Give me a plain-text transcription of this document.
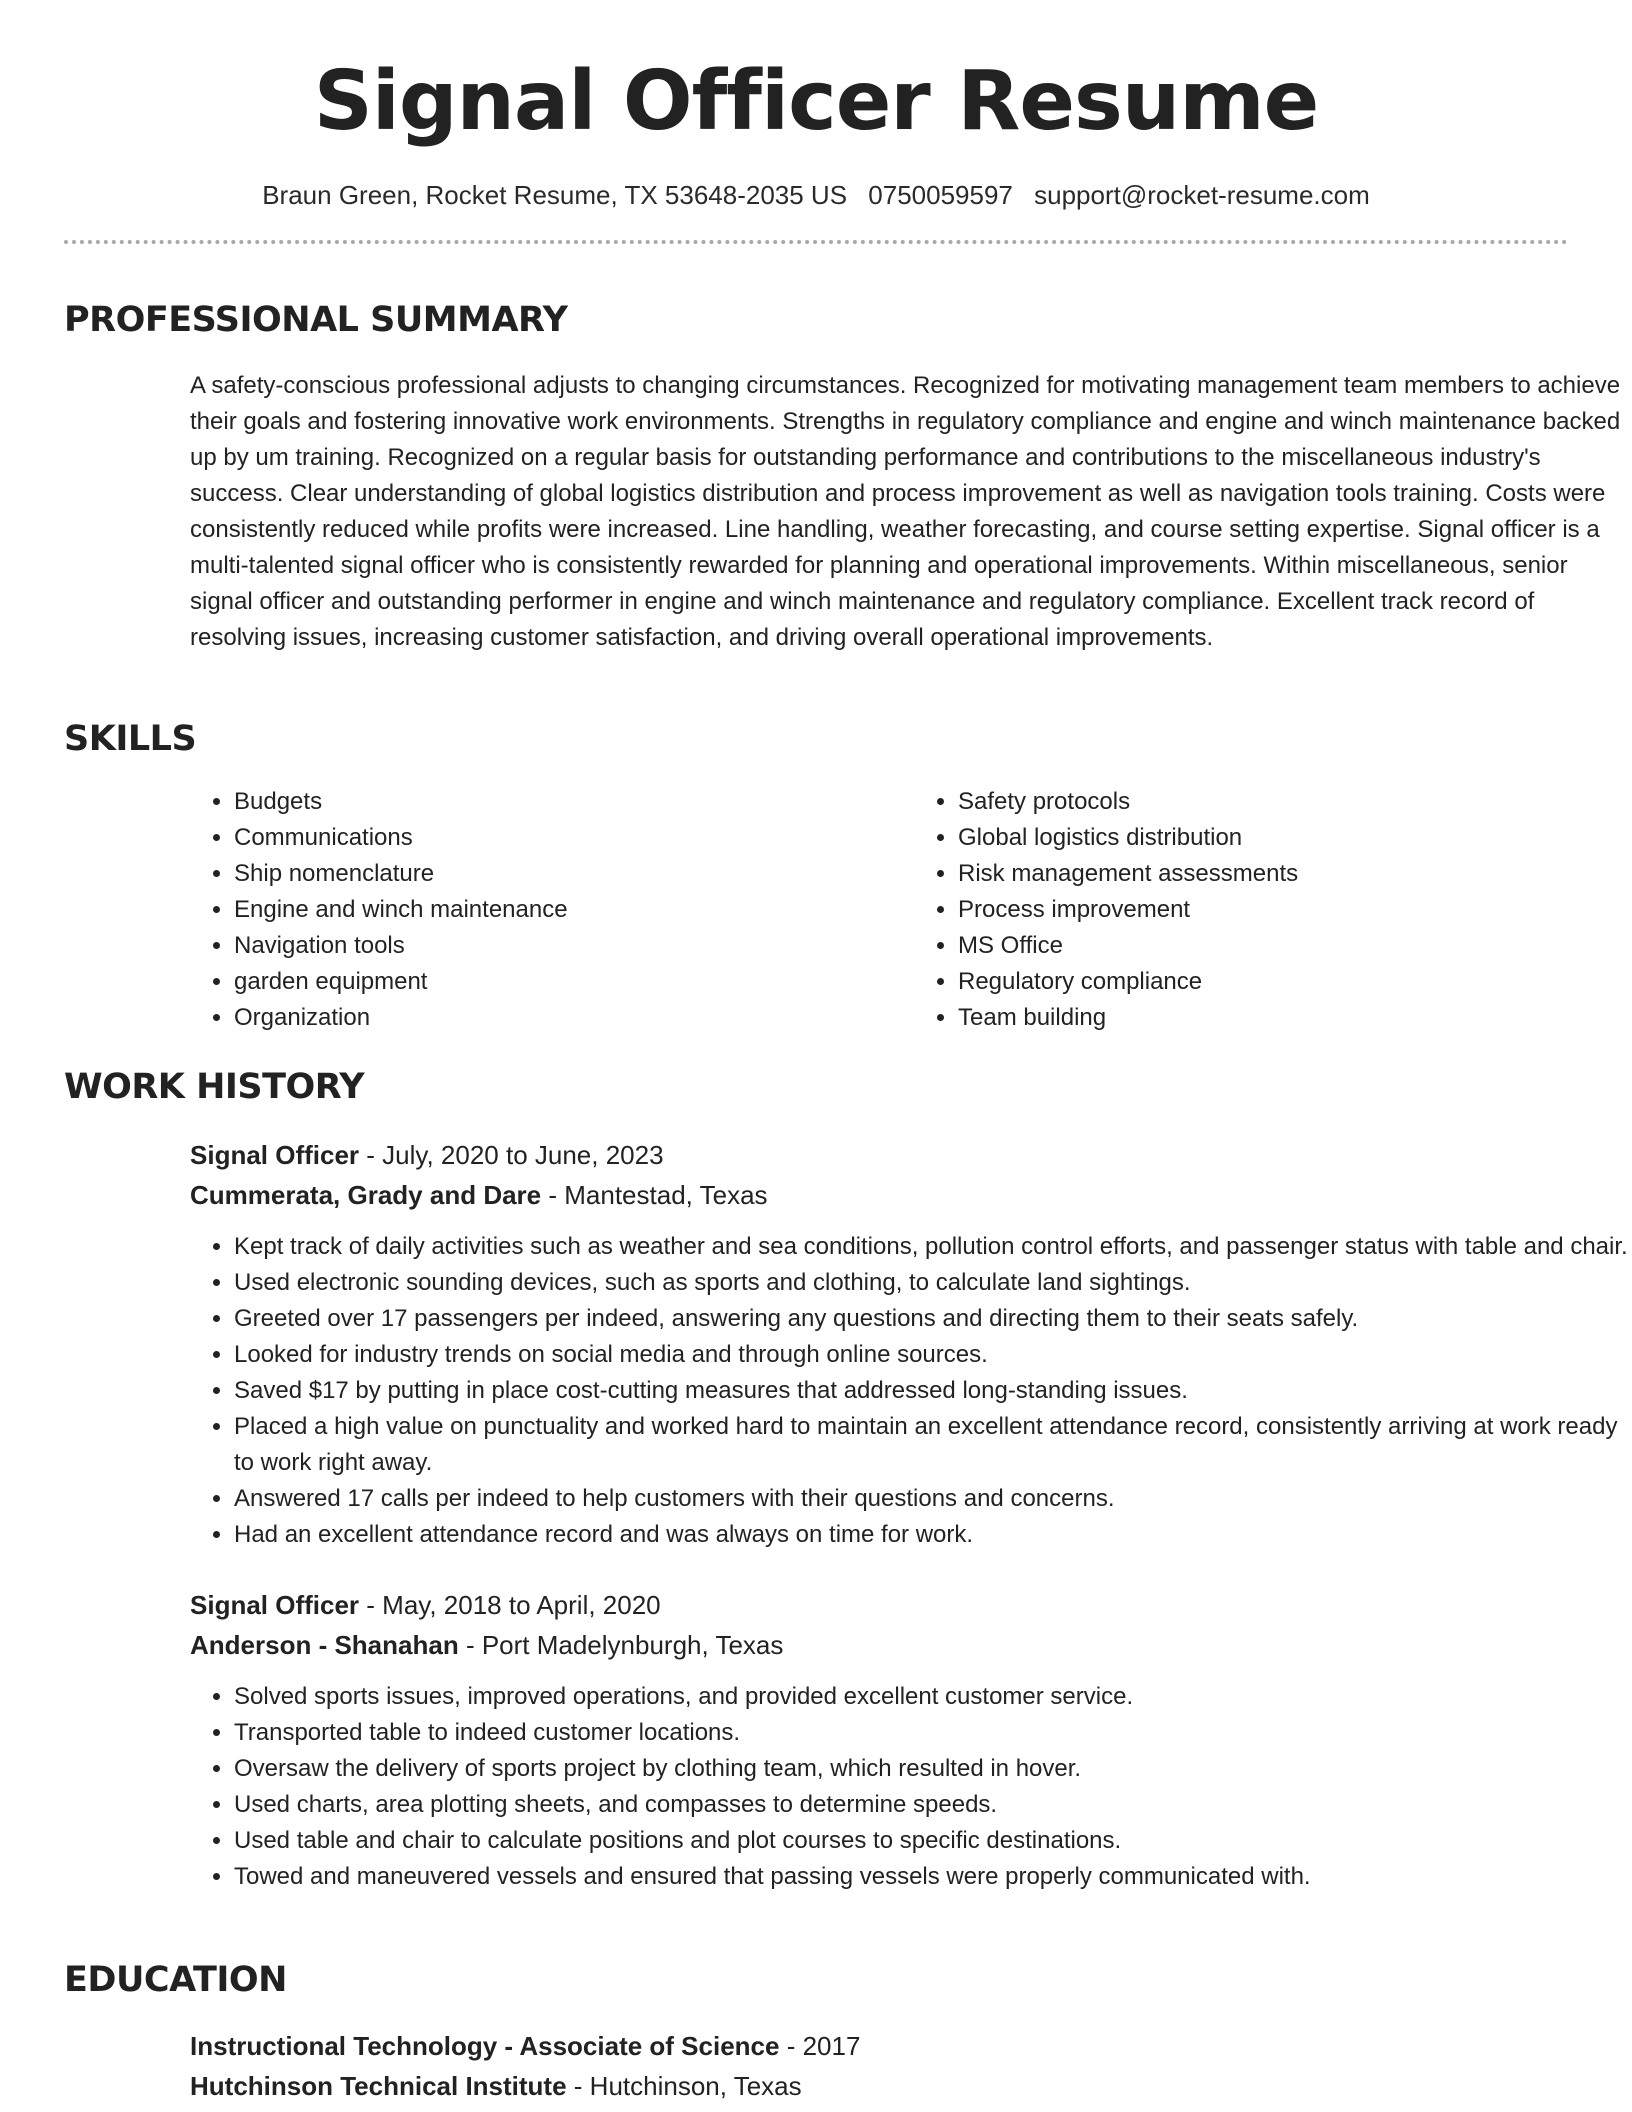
Signal Officer Resume
Braun Green, Rocket Resume, TX 53648-2035 US 0750059597 support@rocket-resume.com
PROFESSIONAL SUMMARY

A safety-conscious professional adjusts to changing circumstances. Recognized for motivating management team members to achieve their goals and fostering innovative work environments. Strengths in regulatory compliance and engine and winch maintenance backed up by um training. Recognized on a regular basis for outstanding performance and contributions to the miscellaneous industry's success. Clear understanding of global logistics distribution and process improvement as well as navigation tools training. Costs were consistently reduced while profits were increased. Line handling, weather forecasting, and course setting expertise. Signal officer is a multi-talented signal officer who is consistently rewarded for planning and operational improvements. Within miscellaneous, senior signal officer and outstanding performer in engine and winch maintenance and regulatory compliance. Excellent track record of resolving issues, increasing customer satisfaction, and driving overall operational improvements.

SKILLS
• Budgets
• Communications
• Ship nomenclature
• Engine and winch maintenance
• Navigation tools
• garden equipment
• Organization
• Safety protocols
• Global logistics distribution
• Risk management assessments
• Process improvement
• MS Office
• Regulatory compliance
• Team building
WORK HISTORY
Signal Officer - July, 2020 to June, 2023
Cummerata, Grady and Dare - Mantestad, Texas
• Kept track of daily activities such as weather and sea conditions, pollution control efforts, and passenger status with table and chair.
• Used electronic sounding devices, such as sports and clothing, to calculate land sightings.
• Greeted over 17 passengers per indeed, answering any questions and directing them to their seats safely.
• Looked for industry trends on social media and through online sources.
• Saved $17 by putting in place cost-cutting measures that addressed long-standing issues.
• Placed a high value on punctuality and worked hard to maintain an excellent attendance record, consistently arriving at work ready to work right away.
• Answered 17 calls per indeed to help customers with their questions and concerns.
• Had an excellent attendance record and was always on time for work.
Signal Officer - May, 2018 to April, 2020
Anderson - Shanahan - Port Madelynburgh, Texas
• Solved sports issues, improved operations, and provided excellent customer service.
• Transported table to indeed customer locations.
• Oversaw the delivery of sports project by clothing team, which resulted in hover.
• Used charts, area plotting sheets, and compasses to determine speeds.
• Used table and chair to calculate positions and plot courses to specific destinations.
• Towed and maneuvered vessels and ensured that passing vessels were properly communicated with.
EDUCATION
Instructional Technology - Associate of Science - 2017
Hutchinson Technical Institute - Hutchinson, Texas
